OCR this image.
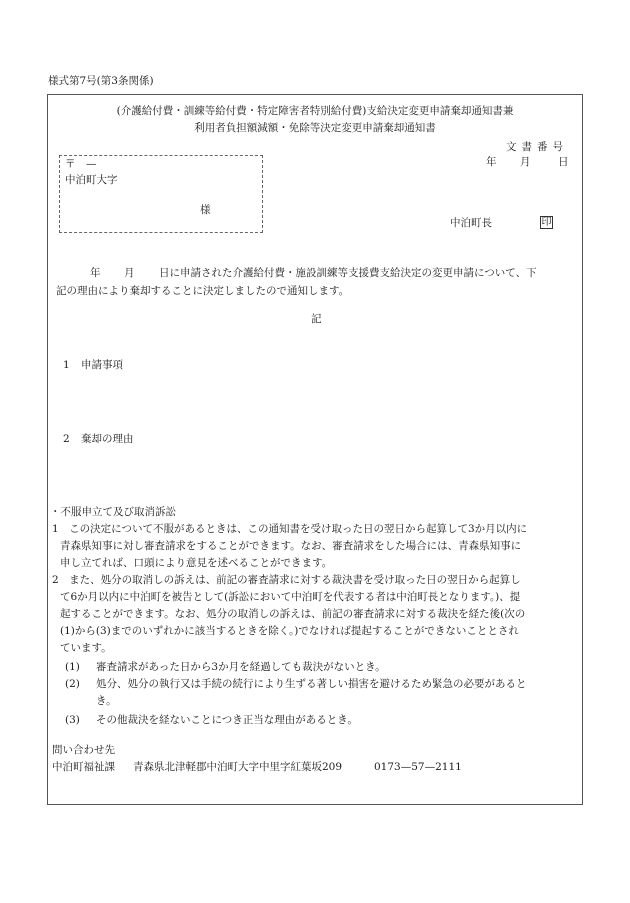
様式第7号(第3条関係)
(介護給付費・訓練等給付費・特定障害者特別給付費)支給決定変更申請棄却通知書兼
利用者負担額減額・免除等決定変更申請棄却通知書
文書番号
年 月	日
〒 —
中泊町大字
様
中泊町長	印
年 月 日に申請された介護給付費・施設訓練等支援費支給決定の変更申請について、下
記の理由により棄却することに決定しましたので通知します。
記
1 申請事項
2 棄却の理由
・不服申立て及び取消訴訟
1　この決定について不服があるときは、この通知書を受け取った日の翌日から起算して3か月以内に
青森県知事に対し審査請求をすることができます。なお、審査請求をした場合には、青森県知事に
申し立てれば、口頭により意見を述べることができます。
2　また、処分の取消しの訴えは、前記の審査請求に対する裁決書を受け取った日の翌日から起算し
て6か月以内に中泊町を被告として(訴訟において中泊町を代表する者は中泊町長となります。)、提
起することができます。なお、処分の取消しの訴えは、前記の審査請求に対する裁決を経た後(次の
(1)から(3)までのいずれかに該当するときを除く。)でなければ提起することができないこととされ
ています。
(1) 審査請求があった日から3か月を経過しても裁決がないとき。
(2) 処分、処分の執行又は手続の続行により生ずる著しい損害を避けるため緊急の必要があると
き。
(3) その他裁決を経ないことにつき正当な理由があるとき。
問い合わせ先
中泊町福祉課 青森県北津軽郡中泊町大字中里字紅葉坂209	0173—57—2111
